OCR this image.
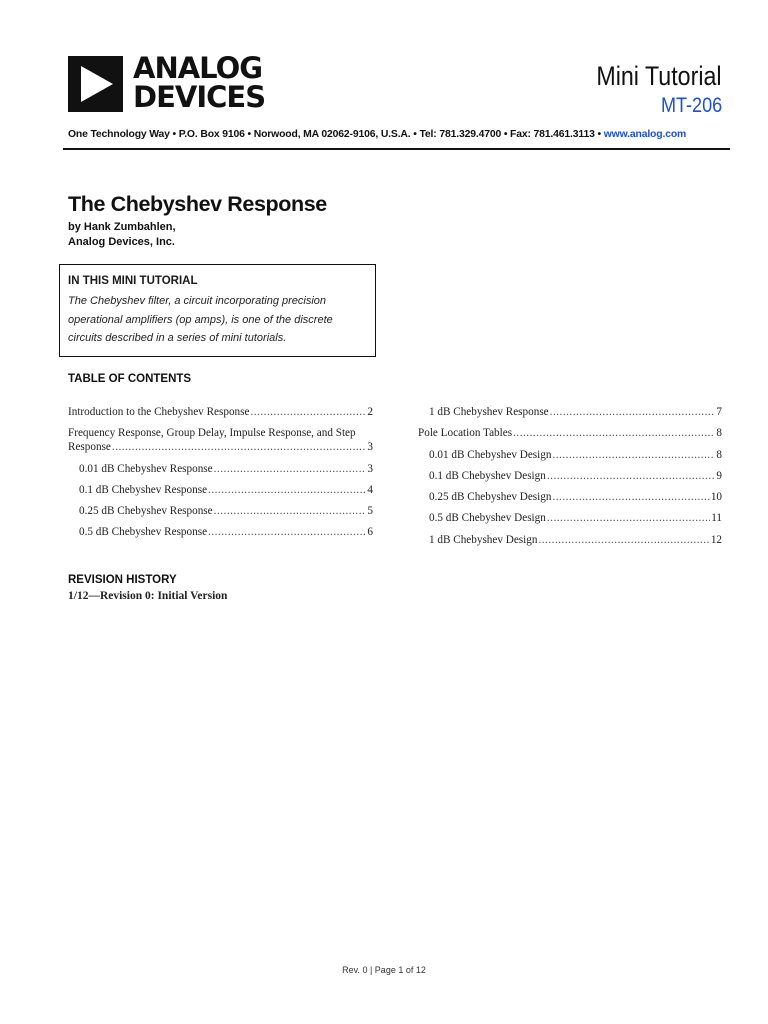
ANALOG
DEVICES
Mini Tutorial
MT-206
One Technology Way • P.O. Box 9106 • Norwood, MA 02062-9106, U.S.A. • Tel: 781.329.4700 • Fax: 781.461.3113 • www.analog.com
The Chebyshev Response
by Hank Zumbahlen,
Analog Devices, Inc.
IN THIS MINI TUTORIAL
The Chebyshev filter, a circuit incorporating precision operational amplifiers (op amps), is one of the discrete circuits described in a series of mini tutorials.
TABLE OF CONTENTS
Introduction to the Chebyshev Response .....	2
Frequency Response, Group Delay, Impulse Response, and Step
Response .....	3
0.01 dB Chebyshev Response .....	3
0.1 dB Chebyshev Response .....	4
0.25 dB Chebyshev Response .....	5
0.5 dB Chebyshev Response .....	6
1 dB Chebyshev Response .....	7
Pole Location Tables .....	8
0.01 dB Chebyshev Design .....	8
0.1 dB Chebyshev Design .....	9
0.25 dB Chebyshev Design .....	10
0.5 dB Chebyshev Design .....	11
1 dB Chebyshev Design .....	12
REVISION HISTORY
1/12—Revision 0: Initial Version
Rev. 0 | Page 1 of 12
